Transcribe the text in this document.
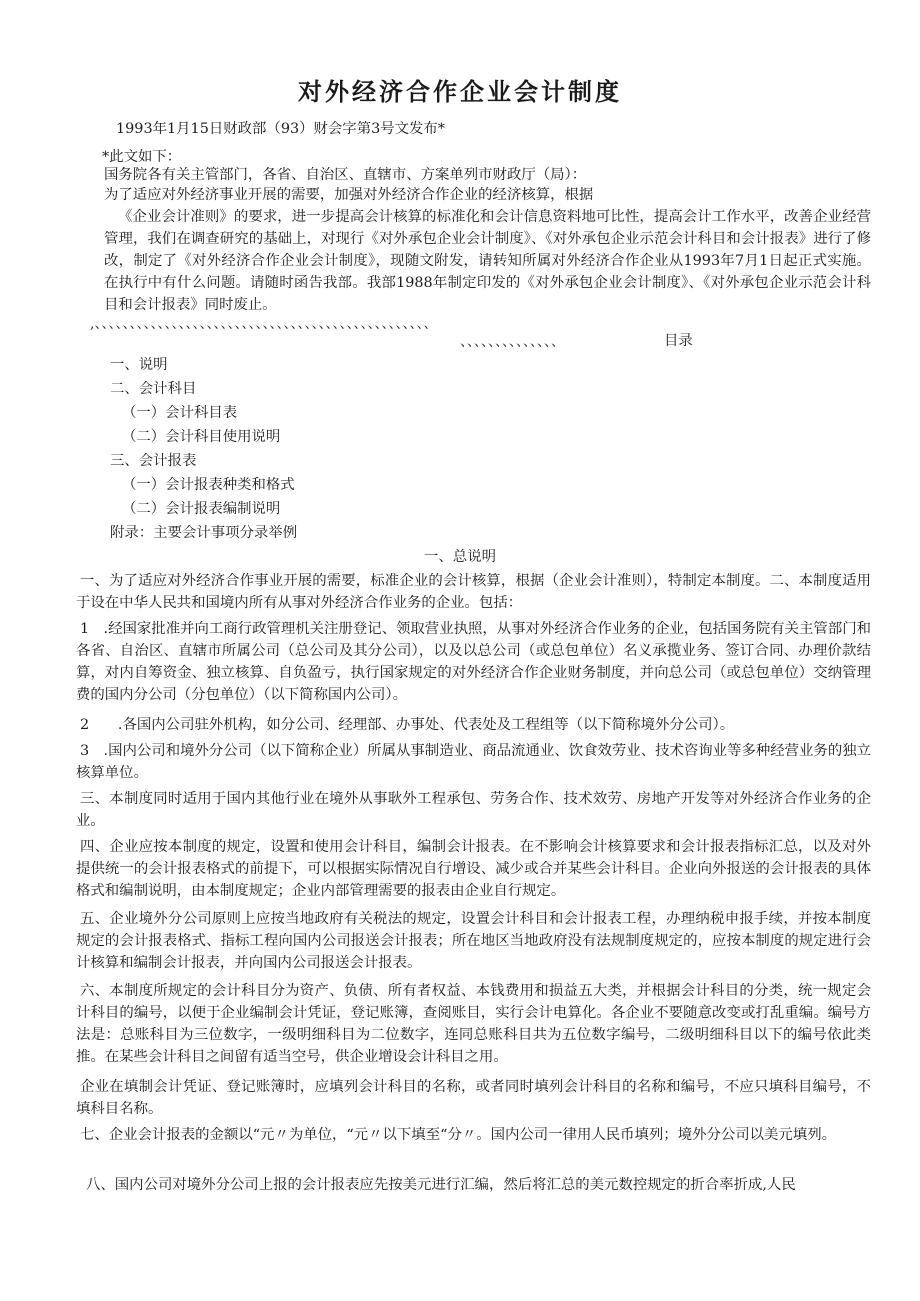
对外经济合作企业会计制度
1993年1月15日财政部（93）财会字第3号文发布*
*此文如下：
国务院各有关主管部门，各省、自治区、直辖市、方案单列市财政厅（局）：
为了适应对外经济事业开展的需要，加强对外经济合作企业的经济核算，根据
《企业会计准则》的要求，进一步提高会计核算的标准化和会计信息资料地可比性，提高会计工作水平，改善企业经营管理，我们在调查研究的基础上，对现行《对外承包企业会计制度》、《对外承包企业示范会计科目和会计报表》进行了修改，制定了《对外经济合作企业会计制度》，现随文附发，请转知所属对外经济合作企业从1993年7月1日起正式实施。在执行中有什么问题。请随时函告我部。我部1988年制定印发的《对外承包企业会计制度》、《对外承包企业示范会计科目和会计报表》同时废止。
,、、、、、、、、、、、、、、、、、、、、、、、、、、、、、、、、、、、、、、、、、、、、、、、、
、、、、、、、、、、、、、、	目录
一、说明
二、会计科目
（一）会计科目表
（二）会计科目使用说明
三、会计报表
（一）会计报表种类和格式
（二）会计报表编制说明
附录：主要会计事项分录举例
一、总说明
一、为了适应对外经济合作事业开展的需要，标准企业的会计核算，根据（企业会计准则），特制定本制度。二、本制度适用于设在中华人民共和国境内所有从事对外经济合作业务的企业。包括：
1　.经国家批准并向工商行政管理机关注册登记、领取营业执照，从事对外经济合作业务的企业，包括国务院有关主管部门和各省、自治区、直辖市所属公司（总公司及其分公司），以及以总公司（或总包单位）名义承揽业务、签订合同、办理价款结算，对内自筹资金、独立核算、自负盈亏，执行国家规定的对外经济合作企业财务制度，并向总公司（或总包单位）交纳管理费的国内分公司（分包单位）（以下简称国内公司）。
2　　.各国内公司驻外机构，如分公司、经理部、办事处、代表处及工程组等（以下简称境外分公司）。
3　.国内公司和境外分公司（以下简称企业）所属从事制造业、商品流通业、饮食效劳业、技术咨询业等多种经营业务的独立核算单位。
三、本制度同时适用于国内其他行业在境外从事耿外工程承包、劳务合作、技术效劳、房地产开发等对外经济合作业务的企业。
四、企业应按本制度的规定，设置和使用会计科目，编制会计报表。在不影响会计核算要求和会计报表指标汇总，以及对外提供统一的会计报表格式的前提下，可以根据实际情况自行增设、减少或合并某些会计科目。企业向外报送的会计报表的具体格式和编制说明，由本制度规定；企业内部管理需要的报表由企业自行规定。
五、企业境外分公司原则上应按当地政府有关税法的规定，设置会计科目和会计报表工程，办理纳税申报手续，并按本制度规定的会计报表格式、指标工程向国内公司报送会计报表；所在地区当地政府没有法规制度规定的，应按本制度的规定进行会计核算和编制会计报表，并向国内公司报送会计报表。
六、本制度所规定的会计科目分为资产、负债、所有者权益、本钱费用和损益五大类，并根据会计科目的分类，统一规定会计科目的编号，以便于企业编制会计凭证，登记账簿，查阅账目，实行会计电算化。各企业不要随意改变或打乱重编。编号方法是：总账科目为三位数字，一级明细科目为二位数字，连同总账科目共为五位数字编号，二级明细科目以下的编号依此类推。在某些会计科目之间留有适当空号，供企业增设会计科目之用。
企业在填制会计凭证、登记账簿时，应填列会计科目的名称，或者同时填列会计科目的名称和编号，不应只填科目编号，不填科目名称。
七、企业会计报表的金额以“元〃为单位，“元〃以下填至“分〃。国内公司一律用人民币填列；境外分公司以美元填列。
八、国内公司对境外分公司上报的会计报表应先按美元进行汇编，然后将汇总的美元数控规定的折合率折成,人民
